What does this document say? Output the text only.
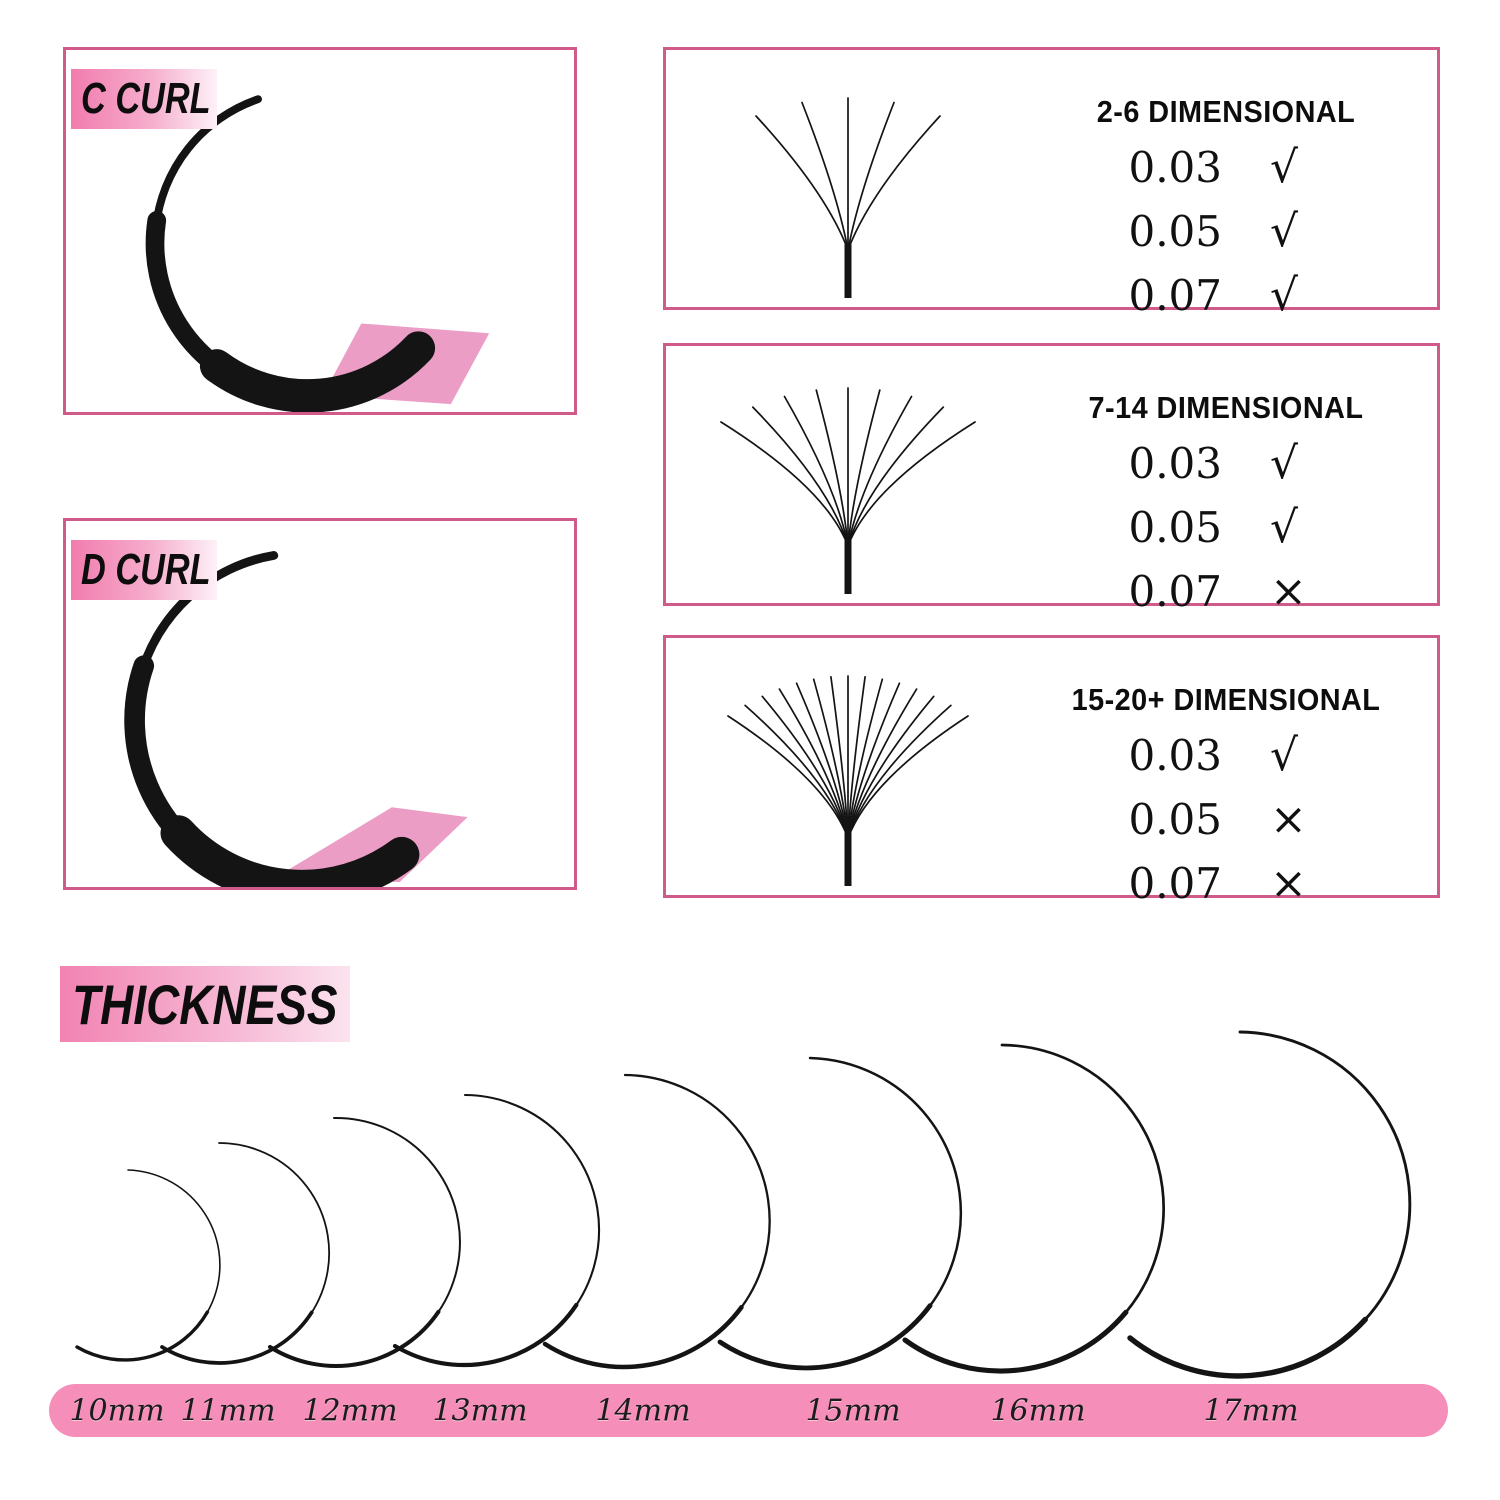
C CURL
D CURL
2-6 DIMENSIONAL
0.03	√
0.05	√
0.07	√
7-14 DIMENSIONAL
0.03	√
0.05	√
0.07	×
15-20+ DIMENSIONAL
0.03	√
0.05	×
0.07	×
THICKNESS
10mm 11mm 12mm 13mm 14mm	15mm	16mm	17mm
